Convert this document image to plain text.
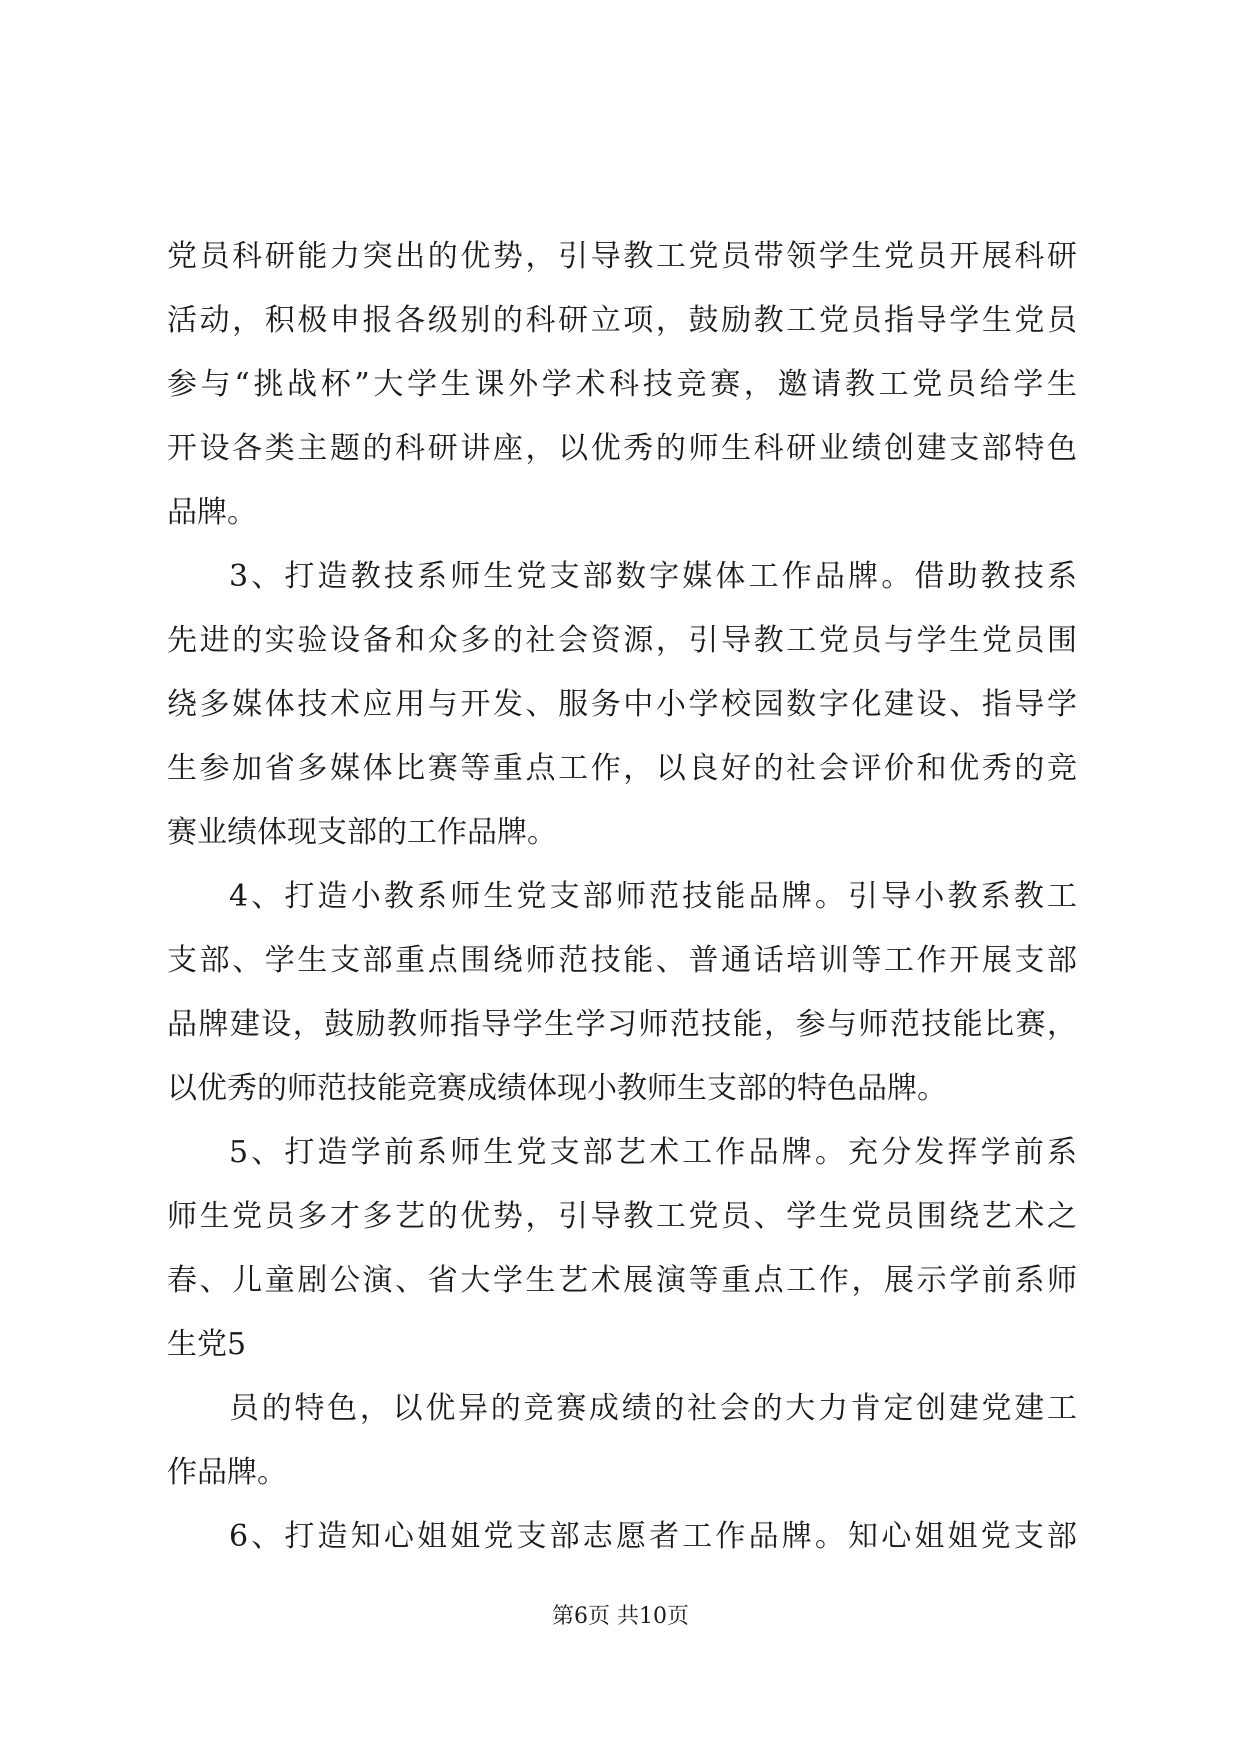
党员科研能力突出的优势，引导教工党员带领学生党员开展科研
活动，积极申报各级别的科研立项，鼓励教工党员指导学生党员
参与“挑战杯”大学生课外学术科技竞赛，邀请教工党员给学生
开设各类主题的科研讲座，以优秀的师生科研业绩创建支部特色
品牌。
3、打造教技系师生党支部数字媒体工作品牌。借助教技系
先进的实验设备和众多的社会资源，引导教工党员与学生党员围
绕多媒体技术应用与开发、服务中小学校园数字化建设、指导学
生参加省多媒体比赛等重点工作，以良好的社会评价和优秀的竞
赛业绩体现支部的工作品牌。
4、打造小教系师生党支部师范技能品牌。引导小教系教工
支部、学生支部重点围绕师范技能、普通话培训等工作开展支部
品牌建设，鼓励教师指导学生学习师范技能，参与师范技能比赛，
以优秀的师范技能竞赛成绩体现小教师生支部的特色品牌。
5、打造学前系师生党支部艺术工作品牌。充分发挥学前系
师生党员多才多艺的优势，引导教工党员、学生党员围绕艺术之
春、儿童剧公演、省大学生艺术展演等重点工作，展示学前系师
生党5
员的特色，以优异的竞赛成绩的社会的大力肯定创建党建工
作品牌。
6、打造知心姐姐党支部志愿者工作品牌。知心姐姐党支部
第6页 共10页
